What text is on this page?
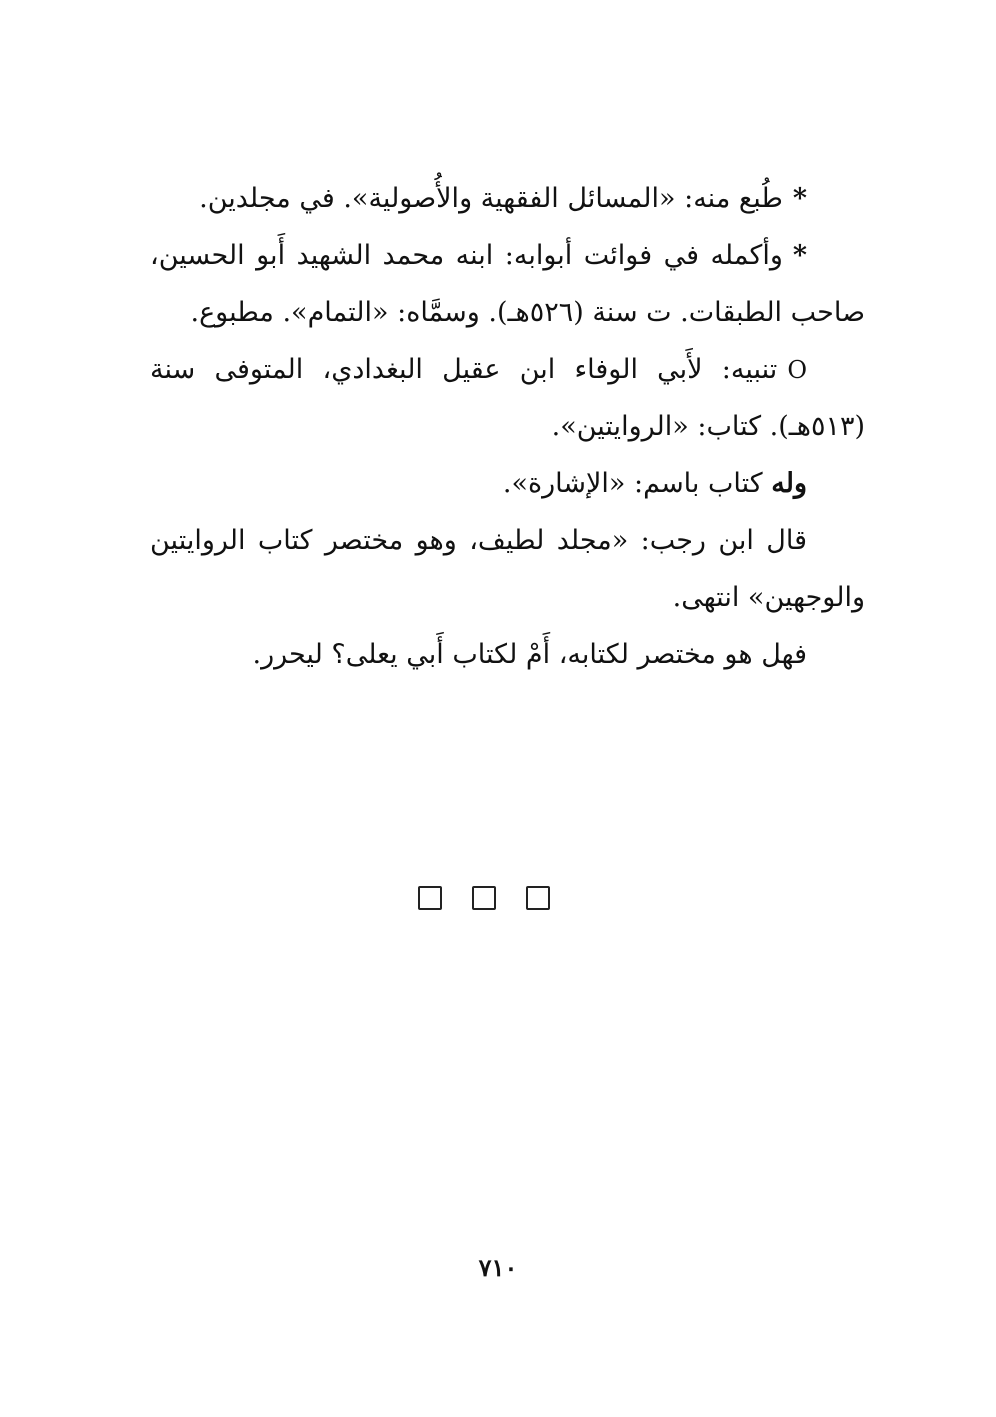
*طُبع منه: «المسائل الفقهية والأُصولية». في مجلدين.
*وأكمله في فوائت أبوابه: ابنه محمد الشهيد أَبو الحسين،
صاحب الطبقات. ت سنة (٥٢٦هـ). وسمَّاه: «التمام». مطبوع.
Oتنبيه: لأَبي الوفاء ابن عقيل البغدادي، المتوفى سنة
(٥١٣هـ). كتاب: «الروايتين».
وله كتاب باسم: «الإشارة».
قال ابن رجب: «مجلد لطيف، وهو مختصر كتاب الروايتين
والوجهين» انتهى.
فهل هو مختصر لكتابه، أَمْ لكتاب أَبي يعلى؟ ليحرر.
٧١٠
